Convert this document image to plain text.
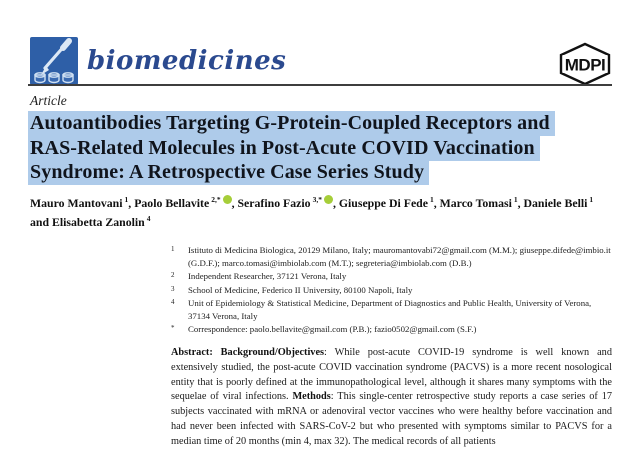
biomedicines	MDPI
Article
Autoantibodies Targeting G-Protein-Coupled Receptors and
RAS-Related Molecules in Post-Acute COVID Vaccination
Syndrome: A Retrospective Case Series Study

Mauro Mantovani $^1$, Paolo Bellavite $^{2,*}$ , Serafino Fazio $^{3,*}$ , Giuseppe Di Fede $^1$, Marco Tomasi $^1$, Daniele Belli $^1$
and Elisabetta Zanolin $^4$

1	Istituto di Medicina Biologica, 20129 Milano, Italy; mauromantovabi72@gmail.com (M.M.); giuseppe.difede@imbio.it (G.D.F.); marco.tomasi@imbiolab.com (M.T.); segreteria@imbiolab.com (D.B.)
2	Independent Researcher, 37121 Verona, Italy
3	School of Medicine, Federico II University, 80100 Napoli, Italy
4	Unit of Epidemiology & Statistical Medicine, Department of Diagnostics and Public Health, University of Verona, 37134 Verona, Italy
*	Correspondence: paolo.bellavite@gmail.com (P.B.); fazio0502@gmail.com (S.F.)

Abstract: Background/Objectives: While post-acute COVID-19 syndrome is well known and extensively studied, the post-acute COVID vaccination syndrome (PACVS) is a more recent nosological entity that is poorly defined at the immunopathological level, although it shares many symptoms with the sequelae of viral infections. Methods: This single-center retrospective study reports a case series of 17 subjects vaccinated with mRNA or adenoviral vector vaccines who were healthy before vaccination and had never been infected with SARS-CoV-2 but who presented with symptoms similar to PACVS for a median time of 20 months (min 4, max 32). The medical records of all patients
